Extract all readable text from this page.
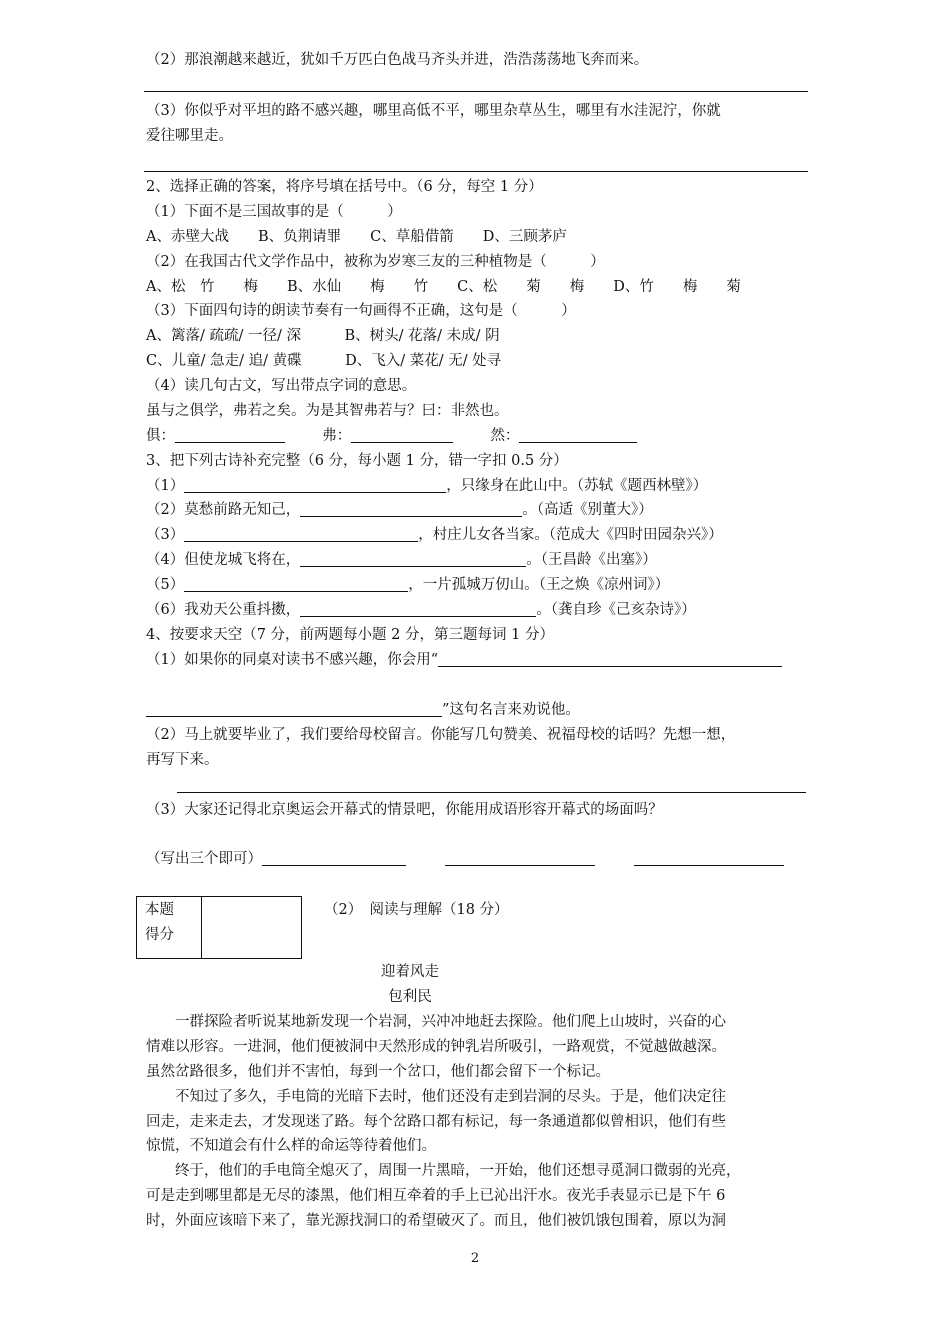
（2）那浪潮越来越近，犹如千万匹白色战马齐头并进，浩浩荡荡地飞奔而来。
（3）你似乎对平坦的路不感兴趣，哪里高低不平，哪里杂草丛生，哪里有水洼泥泞，你就
爱往哪里走。
2、选择正确的答案，将序号填在括号中。（6 分，每空 1 分）
（1）下面不是三国故事的是（　　　）
A、赤壁大战　　B、负荆请罪　　C、草船借箭　　D、三顾茅庐
（2）在我国古代文学作品中，被称为岁寒三友的三种植物是（　　　）
A、松　竹　　梅　　B、水仙　　梅　　竹　　C、松　　菊　　梅　　D、竹　　梅　　菊
（3）下面四句诗的朗读节奏有一句画得不正确，这句是（　　　）
A、篱落/ 疏疏/ 一径/ 深　　　B、树头/ 花落/ 未成/ 阴
C、儿童/ 急走/ 追/ 黄碟　　　D、飞入/ 菜花/ 无/ 处寻
（4）读几句古文，写出带点字词的意思。
虽与之俱学，弗若之矣。为是其智弗若与？曰：非然也。
俱：	弗：	然：
3、把下列古诗补充完整（6 分，每小题 1 分，错一字扣 0.5 分）
（1）	，只缘身在此山中。（苏轼《题西林壁》）
（2）莫愁前路无知己，	。（高适《别董大》）
（3）	，村庄儿女各当家。（范成大《四时田园杂兴》）
（4）但使龙城飞将在，	。（王昌龄《出塞》）
（5）	，一片孤城万仞山。（王之焕《凉州词》）
（6）我劝天公重抖擞，	。（龚自珍《己亥杂诗》）
4、按要求天空（7 分，前两题每小题 2 分，第三题每词 1 分）
（1）如果你的同桌对读书不感兴趣，你会用“
”这句名言来劝说他。
（2）马上就要毕业了，我们要给母校留言。你能写几句赞美、祝福母校的话吗？先想一想，
再写下来。
（3）大家还记得北京奥运会开幕式的情景吧，你能用成语形容开幕式的场面吗？
（写出三个即可）
本题
得分
（2）　阅读与理解（18 分）
迎着风走
包利民
　　一群探险者听说某地新发现一个岩洞，兴冲冲地赶去探险。他们爬上山坡时，兴奋的心
情难以形容。一进洞，他们便被洞中天然形成的钟乳岩所吸引，一路观赏，不觉越做越深。
虽然岔路很多，他们并不害怕，每到一个岔口，他们都会留下一个标记。
　　不知过了多久，手电筒的光暗下去时，他们还没有走到岩洞的尽头。于是，他们决定往
回走，走来走去，才发现迷了路。每个岔路口都有标记，每一条通道都似曾相识，他们有些
惊慌，不知道会有什么样的命运等待着他们。
　　终于，他们的手电筒全熄灭了，周围一片黑暗，一开始，他们还想寻觅洞口微弱的光亮，
可是走到哪里都是无尽的漆黑，他们相互牵着的手上已沁出汗水。夜光手表显示已是下午 6
时，外面应该暗下来了，靠光源找洞口的希望破灭了。而且，他们被饥饿包围着，原以为洞
2
